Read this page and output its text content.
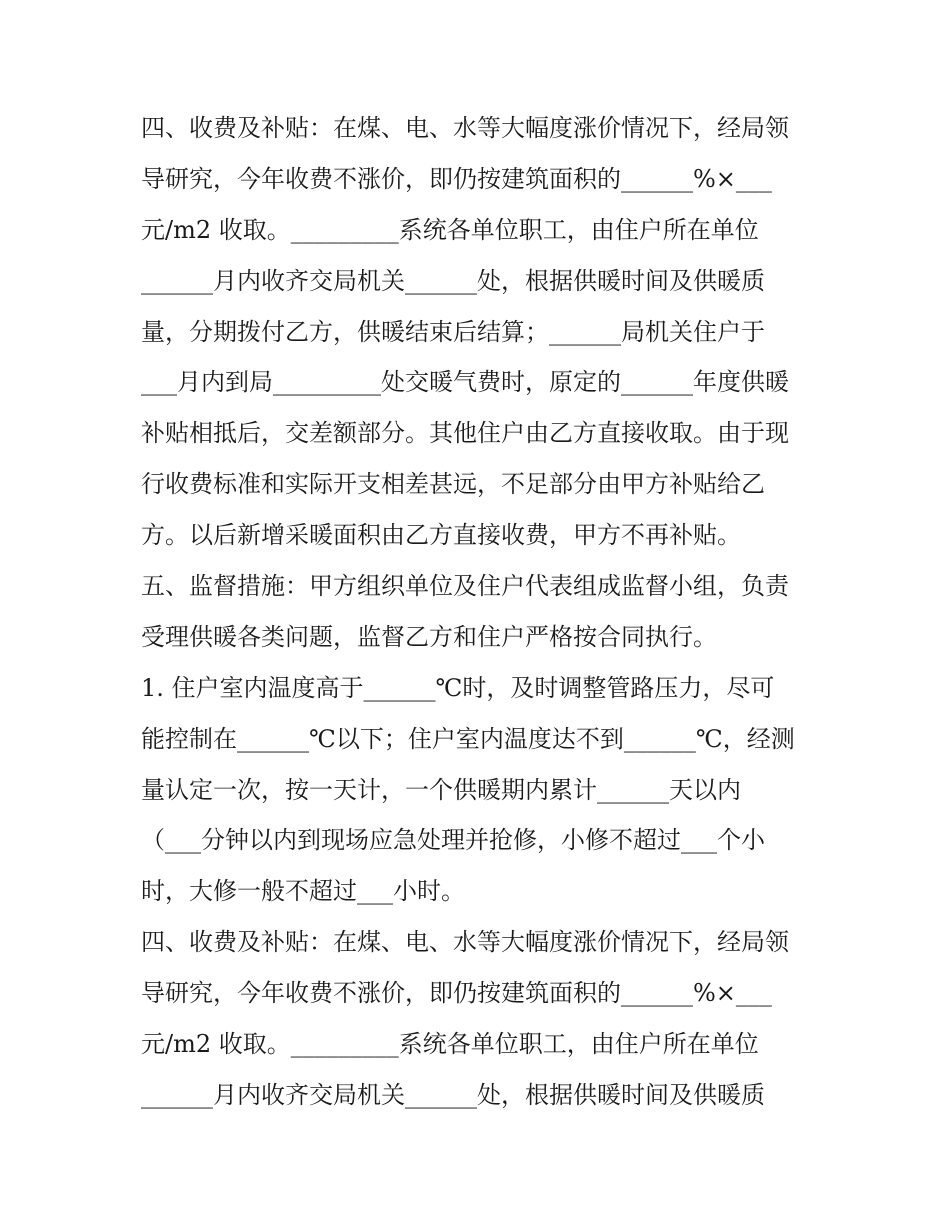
四、收费及补贴：在煤、电、水等大幅度涨价情况下，经局领
导研究，今年收费不涨价，即仍按建筑面积的______%×___
元/m2 收取。_________系统各单位职工，由住户所在单位
______月内收齐交局机关______处，根据供暖时间及供暖质
量，分期拨付乙方，供暖结束后结算；______局机关住户于
___月内到局_________处交暖气费时，原定的______年度供暖
补贴相抵后，交差额部分。其他住户由乙方直接收取。由于现
行收费标准和实际开支相差甚远，不足部分由甲方补贴给乙
方。以后新增采暖面积由乙方直接收费，甲方不再补贴。
五、监督措施：甲方组织单位及住户代表组成监督小组，负责
受理供暖各类问题，监督乙方和住户严格按合同执行。
1. 住户室内温度高于______℃时，及时调整管路压力，尽可
能控制在______℃以下；住户室内温度达不到______℃，经测
量认定一次，按一天计，一个供暖期内累计______天以内
（___分钟以内到现场应急处理并抢修，小修不超过___个小
时，大修一般不超过___小时。
四、收费及补贴：在煤、电、水等大幅度涨价情况下，经局领
导研究，今年收费不涨价，即仍按建筑面积的______%×___
元/m2 收取。_________系统各单位职工，由住户所在单位
______月内收齐交局机关______处，根据供暖时间及供暖质
